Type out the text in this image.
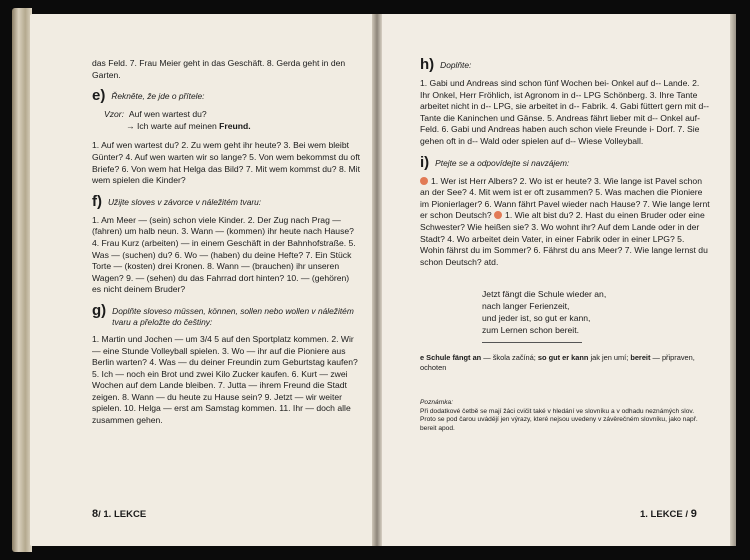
das Feld. 7. Frau Meier geht in das Geschäft. 8. Gerda geht in den Garten.

e) Řekněte, že jde o přítele:
Vzor: Auf wen wartest du?
→ Ich warte auf meinen Freund.

1. Auf wen wartest du? 2. Zu wem geht ihr heute? 3. Bei wem bleibt Günter? 4. Auf wen warten wir so lange? 5. Von wem bekommst du oft Briefe? 6. Von wem hat Helga das Bild? 7. Mit wem kommst du? 8. Mit wem spielen die Kinder?

f) Užijte sloves v závorce v náležitém tvaru:

1. Am Meer — (sein) schon viele Kinder. 2. Der Zug nach Prag — (fahren) um halb neun. 3. Wann — (kommen) ihr heute nach Hause? 4. Frau Kurz (arbeiten) — in einem Geschäft in der Bahnhofstraße. 5. Was — (suchen) du? 6. Wo — (haben) du deine Hefte? 7. Ein Stück Torte — (kosten) drei Kronen. 8. Wann — (brauchen) ihr unseren Wagen? 9. — (sehen) du das Fahrrad dort hinten? 10. — (gehören) es nicht deinem Bruder?

g) Doplňte sloveso müssen, können, sollen nebo wollen v náležitém tvaru a přeložte do češtiny:

1. Martin und Jochen — um 3/4 5 auf den Sportplatz kommen. 2. Wir — eine Stunde Volleyball spielen. 3. Wo — ihr auf die Pioniere aus Berlin warten? 4. Was — du deiner Freundin zum Geburtstag kaufen? 5. Ich — noch ein Brot und zwei Kilo Zucker kaufen. 6. Kurt — zwei Wochen auf dem Lande bleiben. 7. Jutta — ihrem Freund die Stadt zeigen. 8. Wann — du heute zu Hause sein? 9. Jetzt — wir weiter spielen. 10. Helga — erst am Samstag kommen. 11. Ihr — doch alle zusammen gehen.

8/ 1. LEKCE
h) Doplňte:

1. Gabi und Andreas sind schon fünf Wochen bei- Onkel auf d-- Lande. 2. Ihr Onkel, Herr Fröhlich, ist Agronom in d-- LPG Schönberg. 3. Ihre Tante arbeitet nicht in d-- LPG, sie arbeitet in d-- Fabrik. 4. Gabi füttert gern mit d-- Tante die Kaninchen und Gänse. 5. Andreas fährt lieber mit d-- Onkel auf- Feld. 6. Gabi und Andreas haben auch schon viele Freunde i- Dorf. 7. Sie gehen oft in d-- Wald oder spielen auf d-- Wiese Volleyball.

i) Ptejte se a odpovídejte si navzájem:

1. Wer ist Herr Albers? 2. Wo ist er heute? 3. Wie lange ist Pavel schon an der See? 4. Mit wem ist er oft zusammen? 5. Was machen die Pioniere im Pionierlager? 6. Wann fährt Pavel wieder nach Hause? 7. Wie lange lernt er schon Deutsch? 1. Wie alt bist du? 2. Hast du einen Bruder oder eine Schwester? Wie heißen sie? 3. Wo wohnt ihr? Auf dem Lande oder in der Stadt? 4. Wo arbeitet dein Vater, in einer Fabrik oder in einer LPG? 5. Wohin fährst du im Sommer? 6. Fährst du ans Meer? 7. Wie lange lernst du schon Deutsch? atd.

Jetzt fängt die Schule wieder an,
nach langer Ferienzeit,
und jeder ist, so gut er kann,
zum Lernen schon bereit.

e Schule fängt an — škola začíná; so gut er kann jak jen umí; bereit — připraven, ochoten

Poznámka:
Při dodatkové četbě se mají žáci cvičit také v hledání ve slovníku a v odhadu neznámých slov. Proto se pod čarou uvádějí jen výrazy, které nejsou uvedeny v závěrečném slovníku, jako např. bereit apod.
1. LEKCE / 9
